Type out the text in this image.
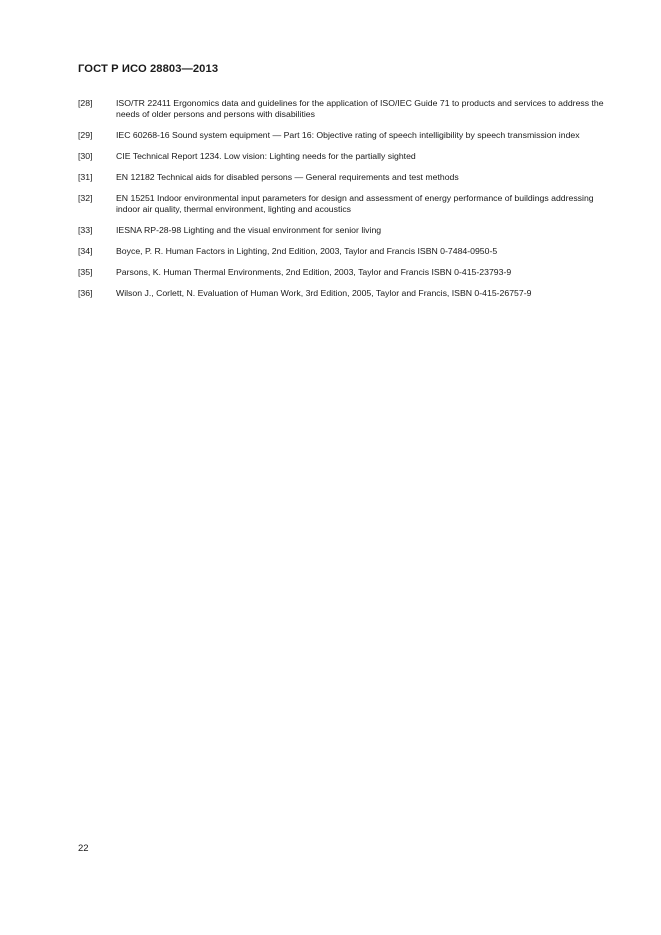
ГОСТ Р ИСО 28803—2013
[28]	ISO/TR 22411 Ergonomics data and guidelines for the application of ISO/IEC Guide 71 to products and services to address the needs of older persons and persons with disabilities
[29]	IEC 60268-16 Sound system equipment — Part 16: Objective rating of speech intelligibility by speech transmission index
[30]	CIE Technical Report 1234. Low vision: Lighting needs for the partially sighted
[31]	EN 12182 Technical aids for disabled persons — General requirements and test methods
[32]	EN 15251 Indoor environmental input parameters for design and assessment of energy performance of buildings addressing indoor air quality, thermal environment, lighting and acoustics
[33]	IESNA RP-28-98 Lighting and the visual environment for senior living
[34]	Boyce, P. R. Human Factors in Lighting, 2nd Edition, 2003, Taylor and Francis ISBN 0-7484-0950-5
[35]	Parsons, K. Human Thermal Environments, 2nd Edition, 2003, Taylor and Francis ISBN 0-415-23793-9
[36]	Wilson J., Corlett, N. Evaluation of Human Work, 3rd Edition, 2005, Taylor and Francis, ISBN 0-415-26757-9
22
